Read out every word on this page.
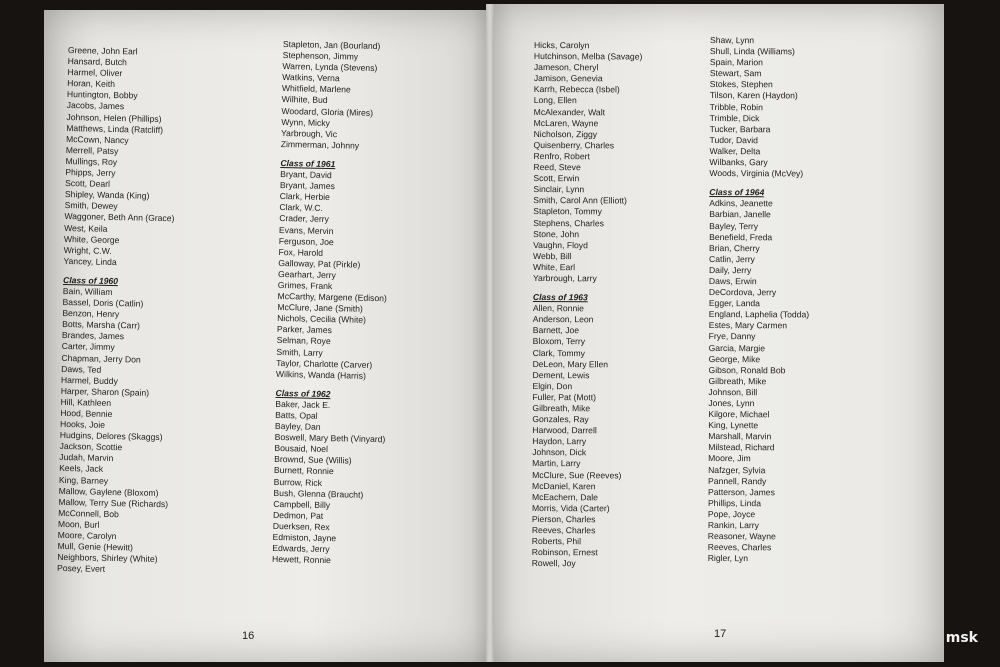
Greene, John Earl
Hansard, Butch
Harmel, Oliver
Horan, Keith
Huntington, Bobby
Jacobs, James
Johnson, Helen (Phillips)
Matthews, Linda (Ratcliff)
McCown, Nancy
Merrell, Patsy
Mullings, Roy
Phipps, Jerry
Scott, Dearl
Shipley, Wanda (King)
Smith, Dewey
Waggoner, Beth Ann (Grace)
West, Keila
White, George
Wright, C.W.
Yancey, Linda
Class of 1960
Bain, William
Bassel, Doris (Catlin)
Benzon, Henry
Botts, Marsha (Carr)
Brandes, James
Carter, Jimmy
Chapman, Jerry Don
Daws, Ted
Harmel, Buddy
Harper, Sharon (Spain)
Hill, Kathleen
Hood, Bennie
Hooks, Joie
Hudgins, Delores (Skaggs)
Jackson, Scottie
Judah, Marvin
Keels, Jack
King, Barney
Mallow, Gaylene (Bloxom)
Mallow, Terry Sue (Richards)
McConnell, Bob
Moon, Burl
Moore, Carolyn
Mull, Genie (Hewitt)
Neighbors, Shirley (White)
Posey, Evert
Stapleton, Jan (Bourland)
Stephenson, Jimmy
Warren, Lynda (Stevens)
Watkins, Verna
Whitfield, Marlene
Wilhite, Bud
Woodard, Gloria (Mires)
Wynn, Micky
Yarbrough, Vic
Zimmerman, Johnny
Class of 1961
Bryant, David
Bryant, James
Clark, Herbie
Clark, W.C.
Crader, Jerry
Evans, Mervin
Ferguson, Joe
Fox, Harold
Galloway, Pat (Pirkle)
Gearhart, Jerry
Grimes, Frank
McCarthy, Margene (Edison)
McClure, Jane (Smith)
Nichols, Cecilia (White)
Parker, James
Selman, Roye
Smith, Larry
Taylor, Charlotte (Carver)
Wilkins, Wanda (Harris)
Class of 1962
Baker, Jack E.
Batts, Opal
Bayley, Dan
Boswell, Mary Beth (Vinyard)
Bousaid, Noel
Brownd, Sue (Willis)
Burnett, Ronnie
Burrow, Rick
Bush, Glenna (Braucht)
Campbell, Billy
Dedmon, Pat
Duerksen, Rex
Edmiston, Jayne
Edwards, Jerry
Hewett, Ronnie
Hicks, Carolyn
Hutchinson, Melba (Savage)
Jameson, Cheryl
Jamison, Genevia
Karrh, Rebecca (Isbel)
Long, Ellen
McAlexander, Walt
McLaren, Wayne
Nicholson, Ziggy
Quisenberry, Charles
Renfro, Robert
Reed, Steve
Scott, Erwin
Sinclair, Lynn
Smith, Carol Ann (Elliott)
Stapleton, Tommy
Stephens, Charles
Stone, John
Vaughn, Floyd
Webb, Bill
White, Earl
Yarbrough, Larry
Class of 1963
Allen, Ronnie
Anderson, Leon
Barnett, Joe
Bloxom, Terry
Clark, Tommy
DeLeon, Mary Ellen
Dement, Lewis
Elgin, Don
Fuller, Pat (Mott)
Gilbreath, Mike
Gonzales, Ray
Harwood, Darrell
Haydon, Larry
Johnson, Dick
Martin, Larry
McClure, Sue (Reeves)
McDaniel, Karen
McEachern, Dale
Morris, Vida (Carter)
Pierson, Charles
Reeves, Charles
Roberts, Phil
Robinson, Ernest
Rowell, Joy
Shaw, Lynn
Shull, Linda (Williams)
Spain, Marion
Stewart, Sam
Stokes, Stephen
Tilson, Karen (Haydon)
Tribble, Robin
Trimble, Dick
Tucker, Barbara
Tudor, David
Walker, Delta
Wilbanks, Gary
Woods, Virginia (McVey)
Class of 1964
Adkins, Jeanette
Barbian, Janelle
Bayley, Terry
Benefield, Freda
Brian, Cherry
Catlin, Jerry
Daily, Jerry
Daws, Erwin
DeCordova, Jerry
Egger, Landa
England, Laphelia (Todda)
Estes, Mary Carmen
Frye, Danny
Garcia, Margie
George, Mike
Gibson, Ronald Bob
Gilbreath, Mike
Johnson, Bill
Jones, Lynn
Kilgore, Michael
King, Lynette
Marshall, Marvin
Milstead, Richard
Moore, Jim
Nafzger, Sylvia
Pannell, Randy
Patterson, James
Phillips, Linda
Pope, Joyce
Rankin, Larry
Reasoner, Wayne
Reeves, Charles
Rigler, Lyn
16	17	msk
